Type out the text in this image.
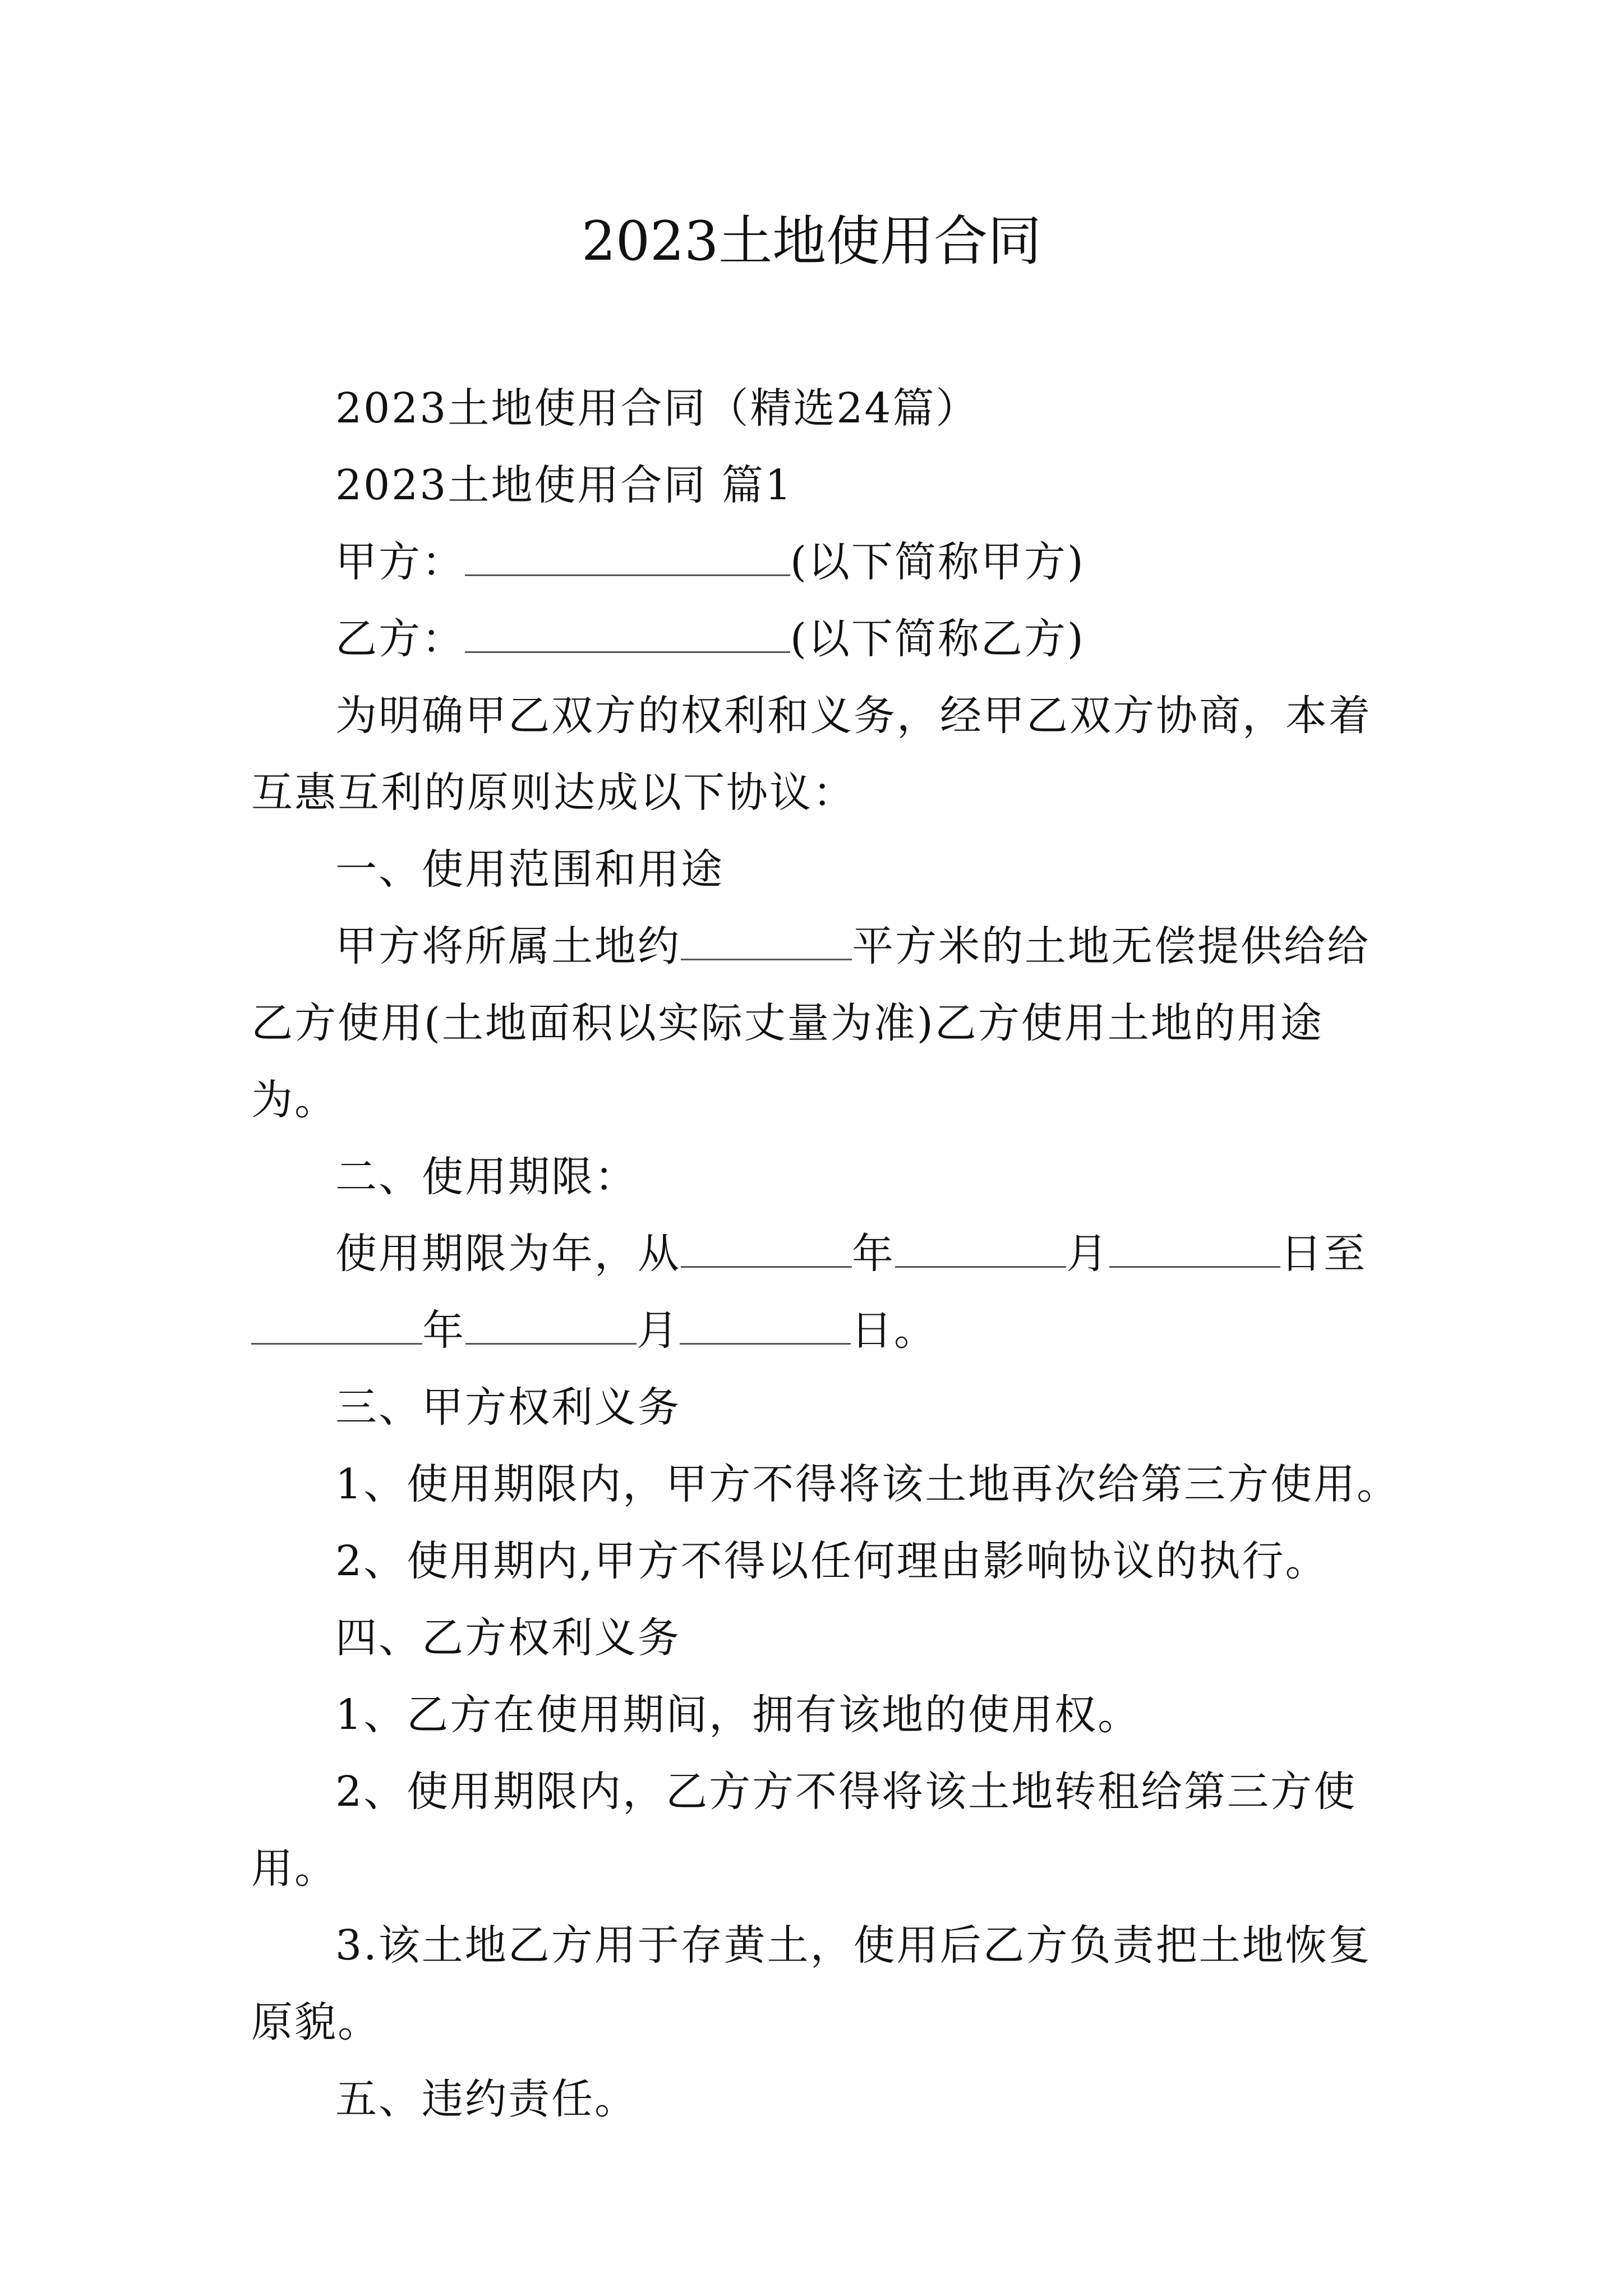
2023土地使用合同

2023土地使用合同（精选24篇）

2023土地使用合同 篇1

甲方：	(以下简称甲方)

乙方：	(以下简称乙方)

为明确甲乙双方的权利和义务，经甲乙双方协商，本着互惠互利的原则达成以下协议：

一、使用范围和用途

甲方将所属土地约	平方米的土地无偿提供给给乙方使用(土地面积以实际丈量为准)乙方使用土地的用途为。

二、使用期限：

使用期限为年，从	年	月	日至年	月	日。

三、甲方权利义务

1、使用期限内，甲方不得将该土地再次给第三方使用。

2、使用期内,甲方不得以任何理由影响协议的执行。

四、乙方权利义务

1、乙方在使用期间，拥有该地的使用权。

2、使用期限内，乙方方不得将该土地转租给第三方使用。

3.该土地乙方用于存黄土，使用后乙方负责把土地恢复原貌。

五、违约责任。
